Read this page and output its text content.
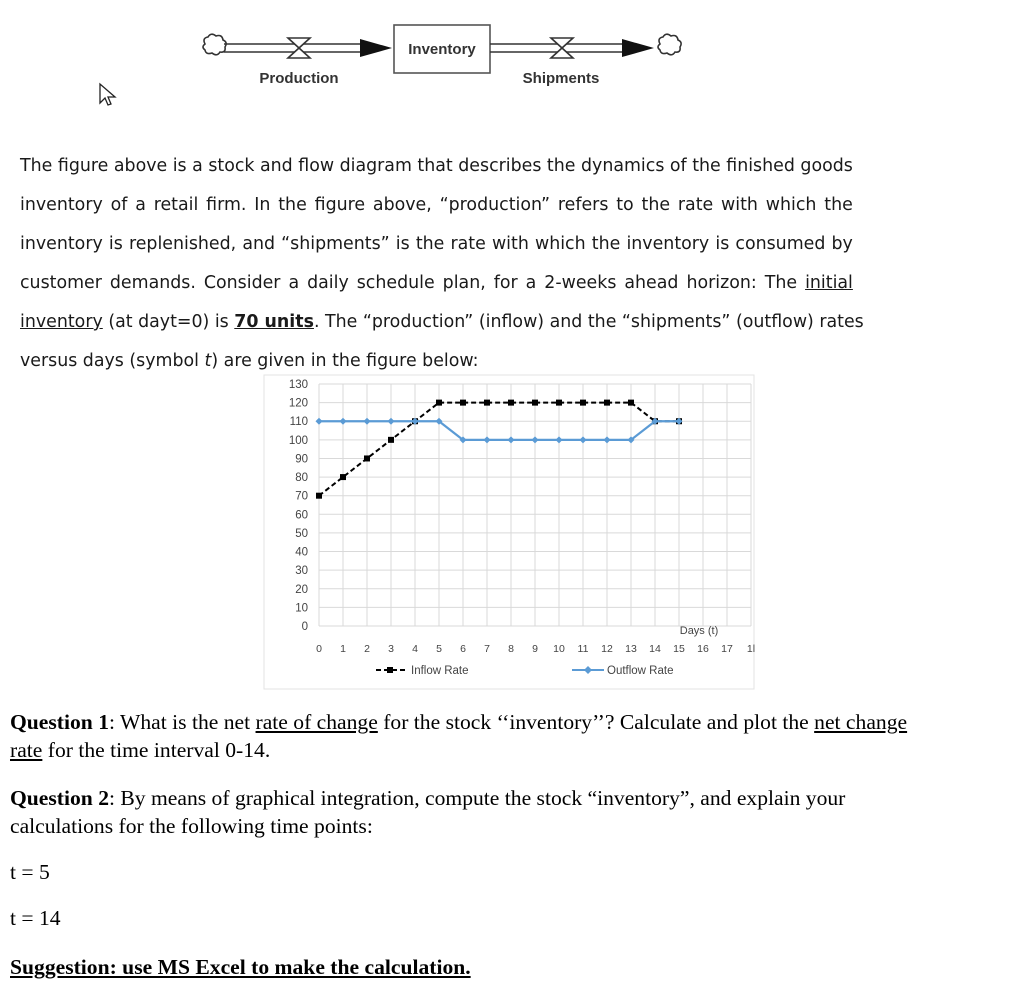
Inventory
Production	Shipments
The figure above is a stock and flow diagram that describes the dynamics of the finished goods
inventory of a retail firm. In the figure above, “production” refers to the rate with which the
inventory is replenished, and “shipments” is the rate with which the inventory is consumed by
customer demands. Consider a daily schedule plan, for a 2-weeks ahead horizon: The initial
inventory (at dayt=0) is 70 units. The “production” (inflow) and the “shipments” (outflow) rates
versus days (symbol t) are given in the figure below:
0
10
20
30
40
50
60
70
80
90
100
110
120
130
0 1 2 3 4 5 6 7 8 9 10 11 12 13 14 15 16 17 1l
Days (t)
Inflow Rate	Outflow Rate
Question 1: What is the net rate of change for the stock ‘‘inventory’’? Calculate and plot the net change
rate for the time interval 0-14.
Question 2: By means of graphical integration, compute the stock “inventory”, and explain your
calculations for the following time points:
t = 5
t = 14
Suggestion: use MS Excel to make the calculation.
